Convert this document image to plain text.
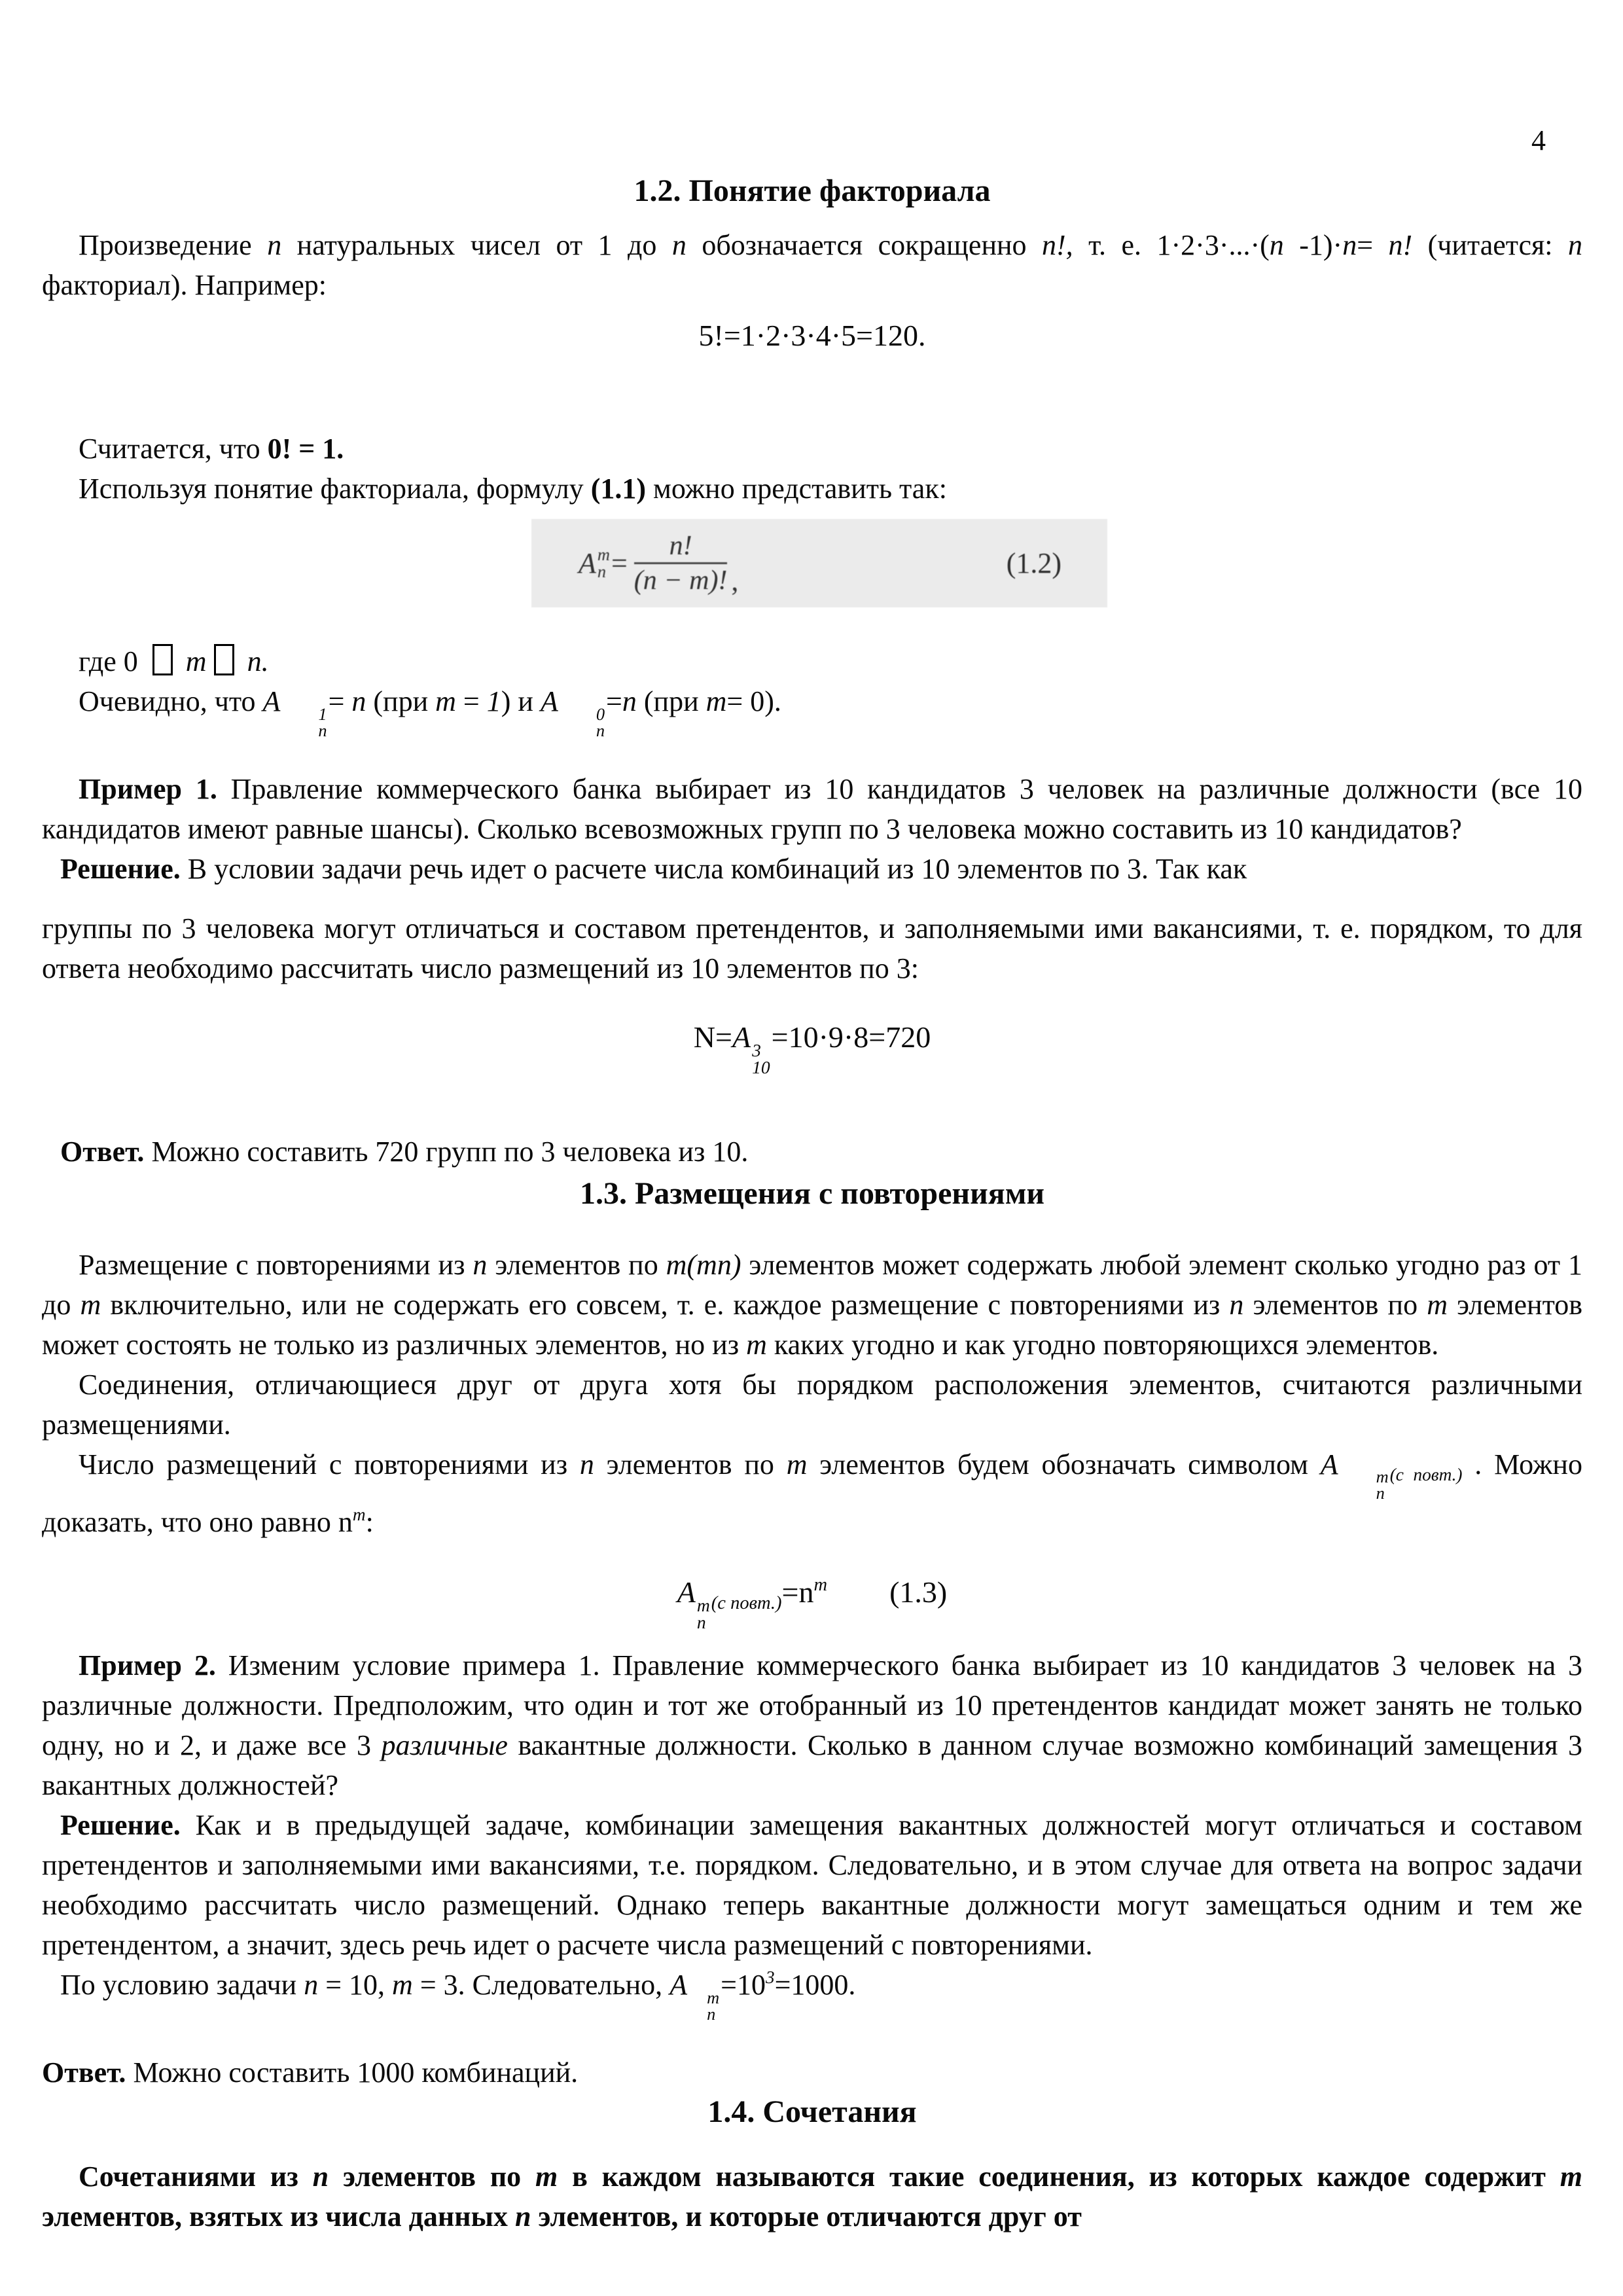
4
1.2. Понятие факториала

Произведение n натуральных чисел от 1 до n обозначается сокращенно n!, т. е. 1·2·3·...·(n -1)·n= n! (читается: n факториал). Например:

5!=1·2·3·4·5=120.

Считается, что 0! = 1.

Используя понятие факториала, формулу (1.1) можно представить так:

A m
$n = \frac{n!}{(n - m)!}$ ,
(1.2)

где 0  m n.

Очевидно, что A	1
n
= n (при m = 1) и A	0
n
=n (при m= 0).

Пример 1. Правление коммерческого банка выбирает из 10 кандидатов 3 человек на различные должности (все 10 кандидатов имеют равные шансы). Сколько всевозможных групп по 3 человека можно составить из 10 кандидатов?

Решение. В условии задачи речь идет о расчете числа комбинаций из 10 элементов по 3. Так как

группы по 3 человека могут отличаться и составом претендентов, и заполняемыми ими вакансиями, т. е. порядком, то для ответа необходимо рассчитать число размещений из 10 элементов по 3:

N=A 3
10
=10·9·8=720

Ответ. Можно составить 720 групп по 3 человека из 10.

1.3. Размещения с повторениями

Размещение с повторениями из n элементов по m(mn) элементов может содержать любой элемент сколько угодно раз от 1 до m включительно, или не содержать его совсем, т. е. каждое размещение с повторениями из n элементов по m элементов может состоять не только из различных элементов, но из m каких угодно и как угодно повторяющихся элементов.

Соединения, отличающиеся друг от друга хотя бы порядком расположения элементов, считаются различными размещениями.

Число размещений с повторениями из n элементов по m элементов будем обозначать символом A	m
n
$_{(с повт.)}$ . Можно доказать, что оно равно $n^m$:

A m
n
$_{(с повт.)}=n^m$ (1.3)

Пример 2. Изменим условие примера 1. Правление коммерческого банка выбирает из 10 кандидатов 3 человек на 3 различные должности. Предположим, что один и тот же отобранный из 10 претендентов кандидат может занять не только одну, но и 2, и даже все 3 различные вакантные должности. Сколько в данном случае возможно комбинаций замещения 3 вакантных должностей?

Решение. Как и в предыдущей задаче, комбинации замещения вакантных должностей могут отличаться и составом претендентов и заполняемыми ими вакансиями, т.е. порядком. Следовательно, и в этом случае для ответа на вопрос задачи необходимо рассчитать число размещений. Однако теперь вакантные должности могут замещаться одним и тем же претендентом, а значит, здесь речь идет о расчете числа размещений с повторениями.

По условию задачи n = 10, m = 3. Следовательно, A	m
n
$=10^3=1000$.

Ответ. Можно составить 1000 комбинаций.

1.4. Сочетания

Сочетаниями из n элементов по m в каждом называются такие соединения, из которых каждое содержит m элементов, взятых из числа данных n элементов, и которые отличаются друг от
